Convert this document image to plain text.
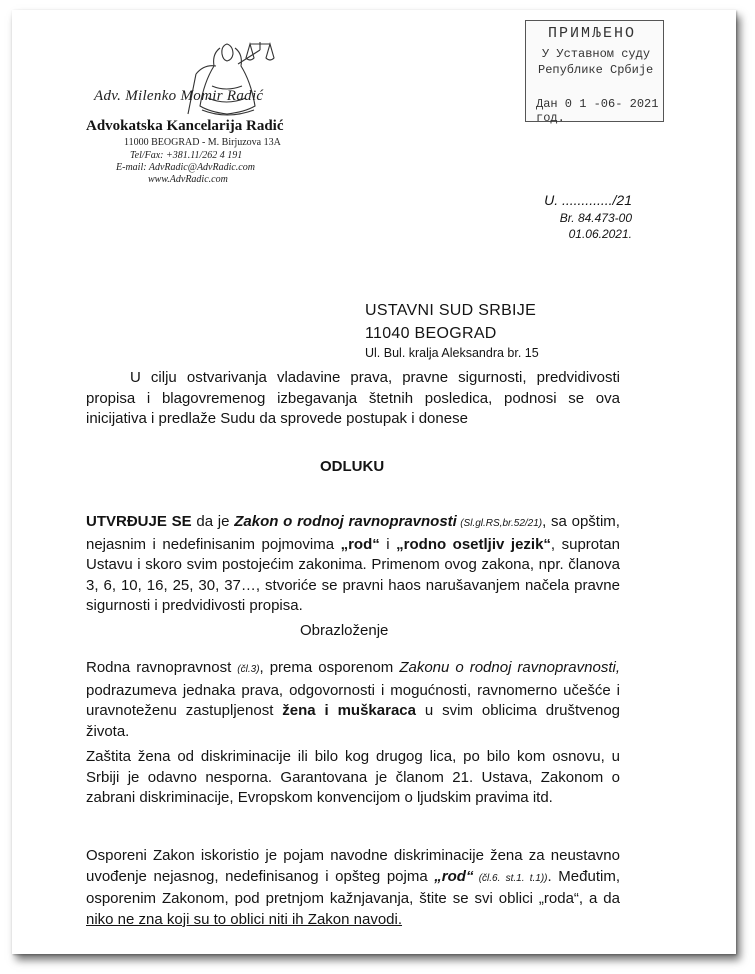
Adv. Milenko Momir Radić
Advokatska Kancelarija Radić
11000 BEOGRAD - M. Birjuzova 13A
Tel/Fax: +381.11/262 4 191
E-mail: AdvRadic@AdvRadic.com
www.AdvRadic.com
ПРИМЉЕНО
У Уставном суду
Републике Србије
Дан 0 1 -06- 2021 год.
U. ............./21
Br. 84.473-00
01.06.2021.
USTAVNI SUD SRBIJE
11040 BEOGRAD
Ul. Bul. kralja Aleksandra br. 15
U cilju ostvarivanja vladavine prava, pravne sigurnosti, predvidivosti propisa i blagovremenog izbegavanja štetnih posledica, podnosi se ova inicijativa i predlaže Sudu da sprovede postupak i donese
ODLUKU
UTVRĐUJE SE da je Zakon o rodnoj ravnopravnosti (Sl.gl.RS,br.52/21), sa opštim, nejasnim i nedefinisanim pojmovima „rod“ i „rodno osetljiv jezik“, suprotan Ustavu i skoro svim postojećim zakonima. Primenom ovog zakona, npr. članova 3, 6, 10, 16, 25, 30, 37…, stvoriće se pravni haos narušavanjem načela pravne sigurnosti i predvidivosti propisa.
Obrazloženje
Rodna ravnopravnost (čl.3), prema osporenom Zakonu o rodnoj ravnopravnosti, podrazumeva jednaka prava, odgovornosti i mogućnosti, ravnomerno učešće i uravnoteženu zastupljenost žena i muškaraca u svim oblicima društvenog života.
Zaštita žena od diskriminacije ili bilo kog drugog lica, po bilo kom osnovu, u Srbiji je odavno nesporna. Garantovana je članom 21. Ustava, Zakonom o zabrani diskriminacije, Evropskom konvencijom o ljudskim pravima itd.
Osporeni Zakon iskoristio je pojam navodne diskriminacije žena za neustavno uvođenje nejasnog, nedefinisanog i opšteg pojma „rod“ (čl.6. st.1. t.1)). Međutim, osporenim Zakonom, pod pretnjom kažnjavanja, štite se svi oblici „roda“, a da niko ne zna koji su to oblici niti ih Zakon navodi.
